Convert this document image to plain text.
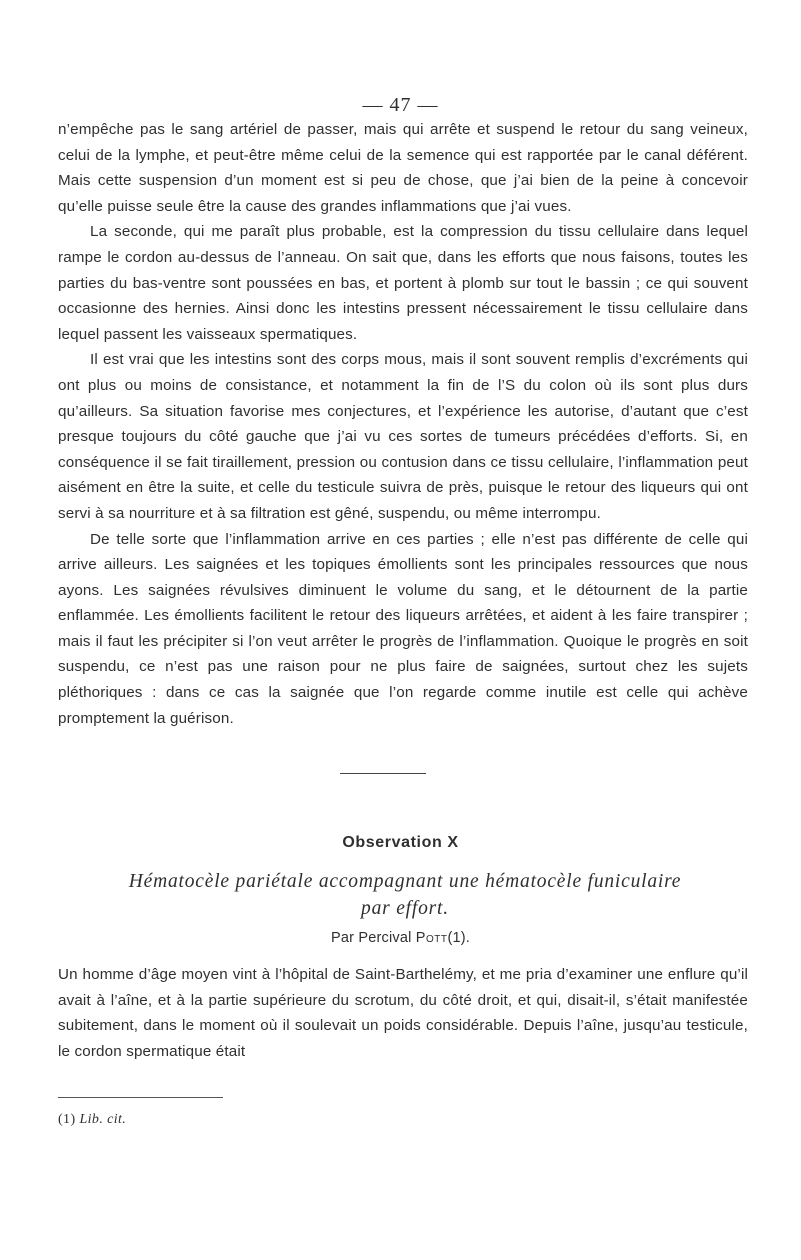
— 47 —

n’empêche pas le sang artériel de passer, mais qui arrête et suspend le retour du sang veineux, celui de la lymphe, et peut-être même celui de la semence qui est rapportée par le canal déférent. Mais cette suspension d’un moment est si peu de chose, que j’ai bien de la peine à concevoir qu’elle puisse seule être la cause des grandes inflammations que j’ai vues.

La seconde, qui me paraît plus probable, est la compression du tissu cellulaire dans lequel rampe le cordon au-dessus de l’anneau. On sait que, dans les efforts que nous faisons, toutes les parties du bas-ventre sont poussées en bas, et portent à plomb sur tout le bassin ; ce qui souvent occasionne des hernies. Ainsi donc les intestins pressent nécessairement le tissu cellulaire dans lequel passent les vaisseaux spermatiques.

Il est vrai que les intestins sont des corps mous, mais il sont souvent remplis d’excréments qui ont plus ou moins de consistance, et notamment la fin de l’S du colon où ils sont plus durs qu’ailleurs. Sa situation favorise mes conjectures, et l’expérience les autorise, d’autant que c’est presque toujours du côté gauche que j’ai vu ces sortes de tumeurs précédées d’efforts. Si, en conséquence il se fait tiraillement, pression ou contusion dans ce tissu cellulaire, l’inflammation peut aisément en être la suite, et celle du testicule suivra de près, puisque le retour des liqueurs qui ont servi à sa nourriture et à sa filtration est gêné, suspendu, ou même interrompu.

De telle sorte que l’inflammation arrive en ces parties ; elle n’est pas différente de celle qui arrive ailleurs. Les saignées et les topiques émollients sont les principales ressources que nous ayons. Les saignées révulsives diminuent le volume du sang, et le détournent de la partie enflammée. Les émollients facilitent le retour des liqueurs arrêtées, et aident à les faire transpirer ; mais il faut les précipiter si l’on veut arrêter le progrès de l’inflammation. Quoique le progrès en soit suspendu, ce n’est pas une raison pour ne plus faire de saignées, surtout chez les sujets pléthoriques : dans ce cas la saignée que l’on regarde comme inutile est celle qui achève promptement la guérison.

Observation X
Hématocèle pariétale accompagnant une hématocèle funiculaire
par effort.
Par Percival Pott(1).

Un homme d’âge moyen vint à l’hôpital de Saint-Barthelémy, et me pria d’examiner une enflure qu’il avait à l’aîne, et à la partie supérieure du scrotum, du côté droit, et qui, disait-il, s’était manifestée subitement, dans le moment où il soulevait un poids considérable. Depuis l’aîne, jusqu’au testicule, le cordon spermatique était

(1) Lib. cit.
